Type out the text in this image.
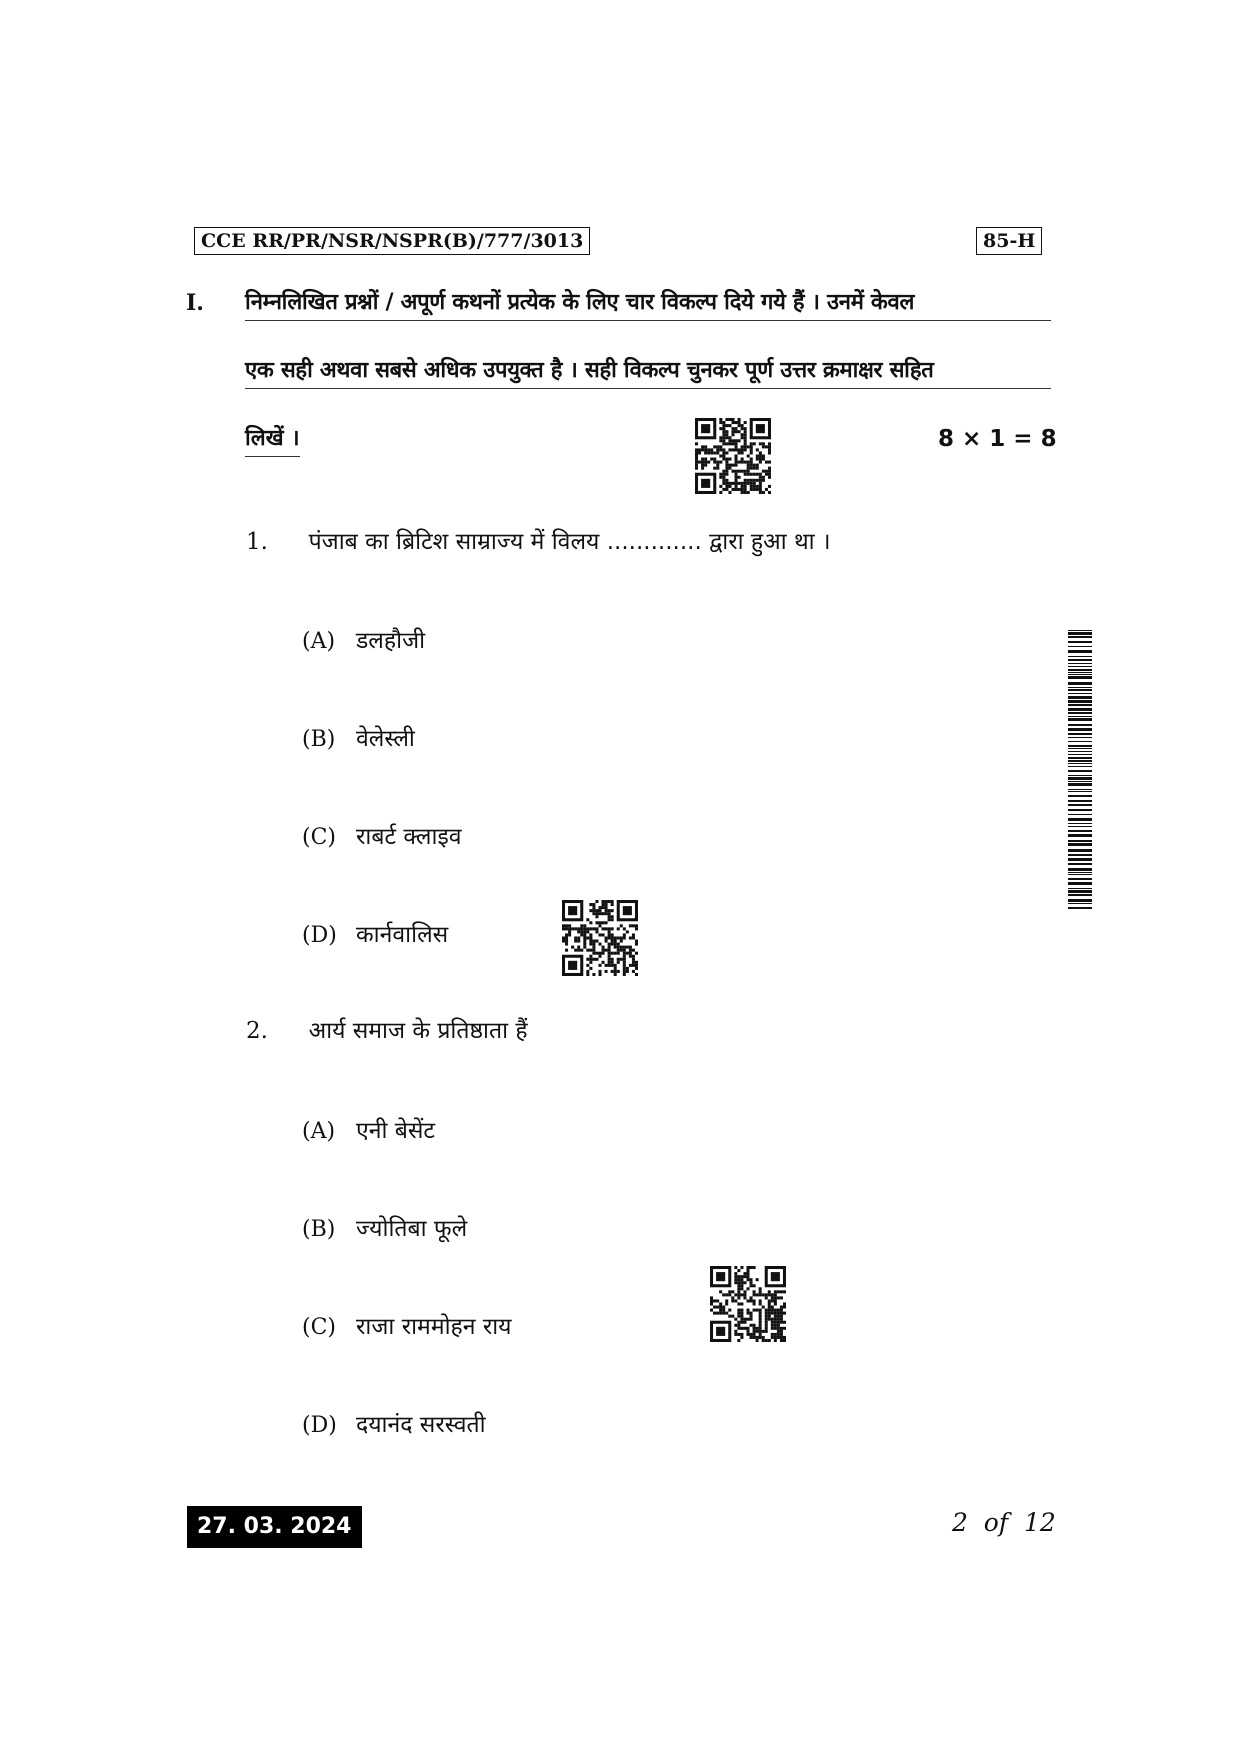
CCE RR/PR/NSR/NSPR(B)/777/3013	85-H
I. निम्नलिखित प्रश्नों / अपूर्ण कथनों प्रत्येक के लिए चार विकल्प दिये गये हैं । उनमें केवल
एक सही अथवा सबसे अधिक उपयुक्त है । सही विकल्प चुनकर पूर्ण उत्तर क्रमाक्षर सहित
लिखें ।	8 × 1 = 8
1. पंजाब का ब्रिटिश साम्राज्य में विलय ............. द्वारा हुआ था ।
(A) डलहौजी
(B) वेलेस्ली
(C) राबर्ट क्लाइव
(D) कार्नवालिस
2. आर्य समाज के प्रतिष्ठाता हैं
(A) एनी बेसेंट
(B) ज्योतिबा फूले
(C) राजा राममोहन राय
(D) दयानंद सरस्वती
27. 03. 2024	2  of  12
